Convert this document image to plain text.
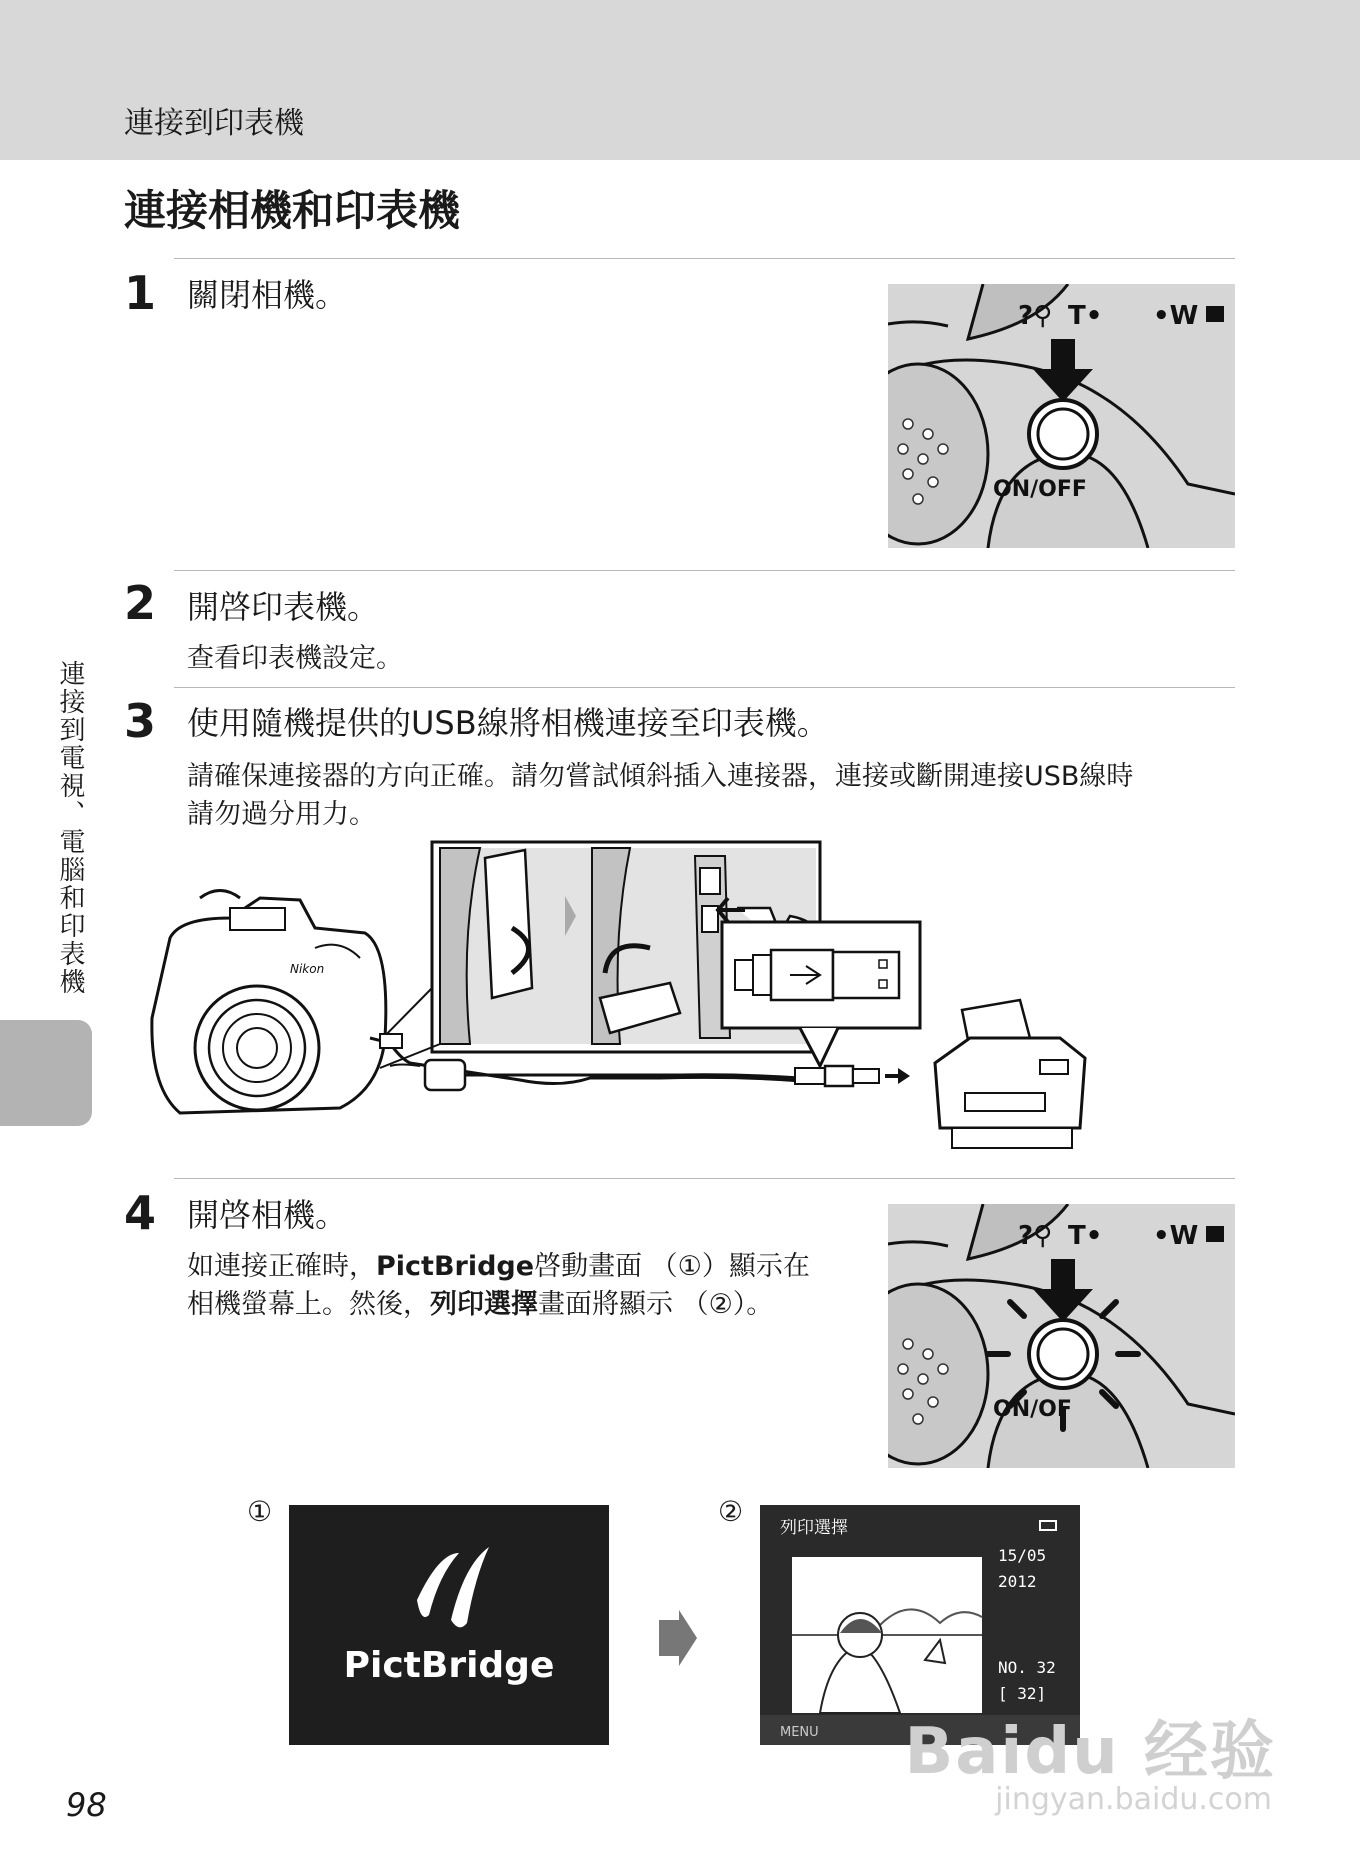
連接到印表機
連接相機和印表機
1 關閉相機。
?⚲ T• •W
ON/OFF
2 開啓印表機。
查看印表機設定。
3 使用隨機提供的USB線將相機連接至印表機。
請確保連接器的方向正確。請勿嘗試傾斜插入連接器，連接或斷開連接USB線時
請勿過分用力。
Nikon
4 開啓相機。
如連接正確時，PictBridge啓動畫面 （①）顯示在
相機螢幕上。然後，列印選擇畫面將顯示 （②）。
?⚲ T• •W
ON/OF
①	②
PictBridge
列印選擇
15/05
2012
NO. 32
[ 32]
MENU
連接到電視、電腦和印表機
98
Baidu 经验
jingyan.baidu.com
